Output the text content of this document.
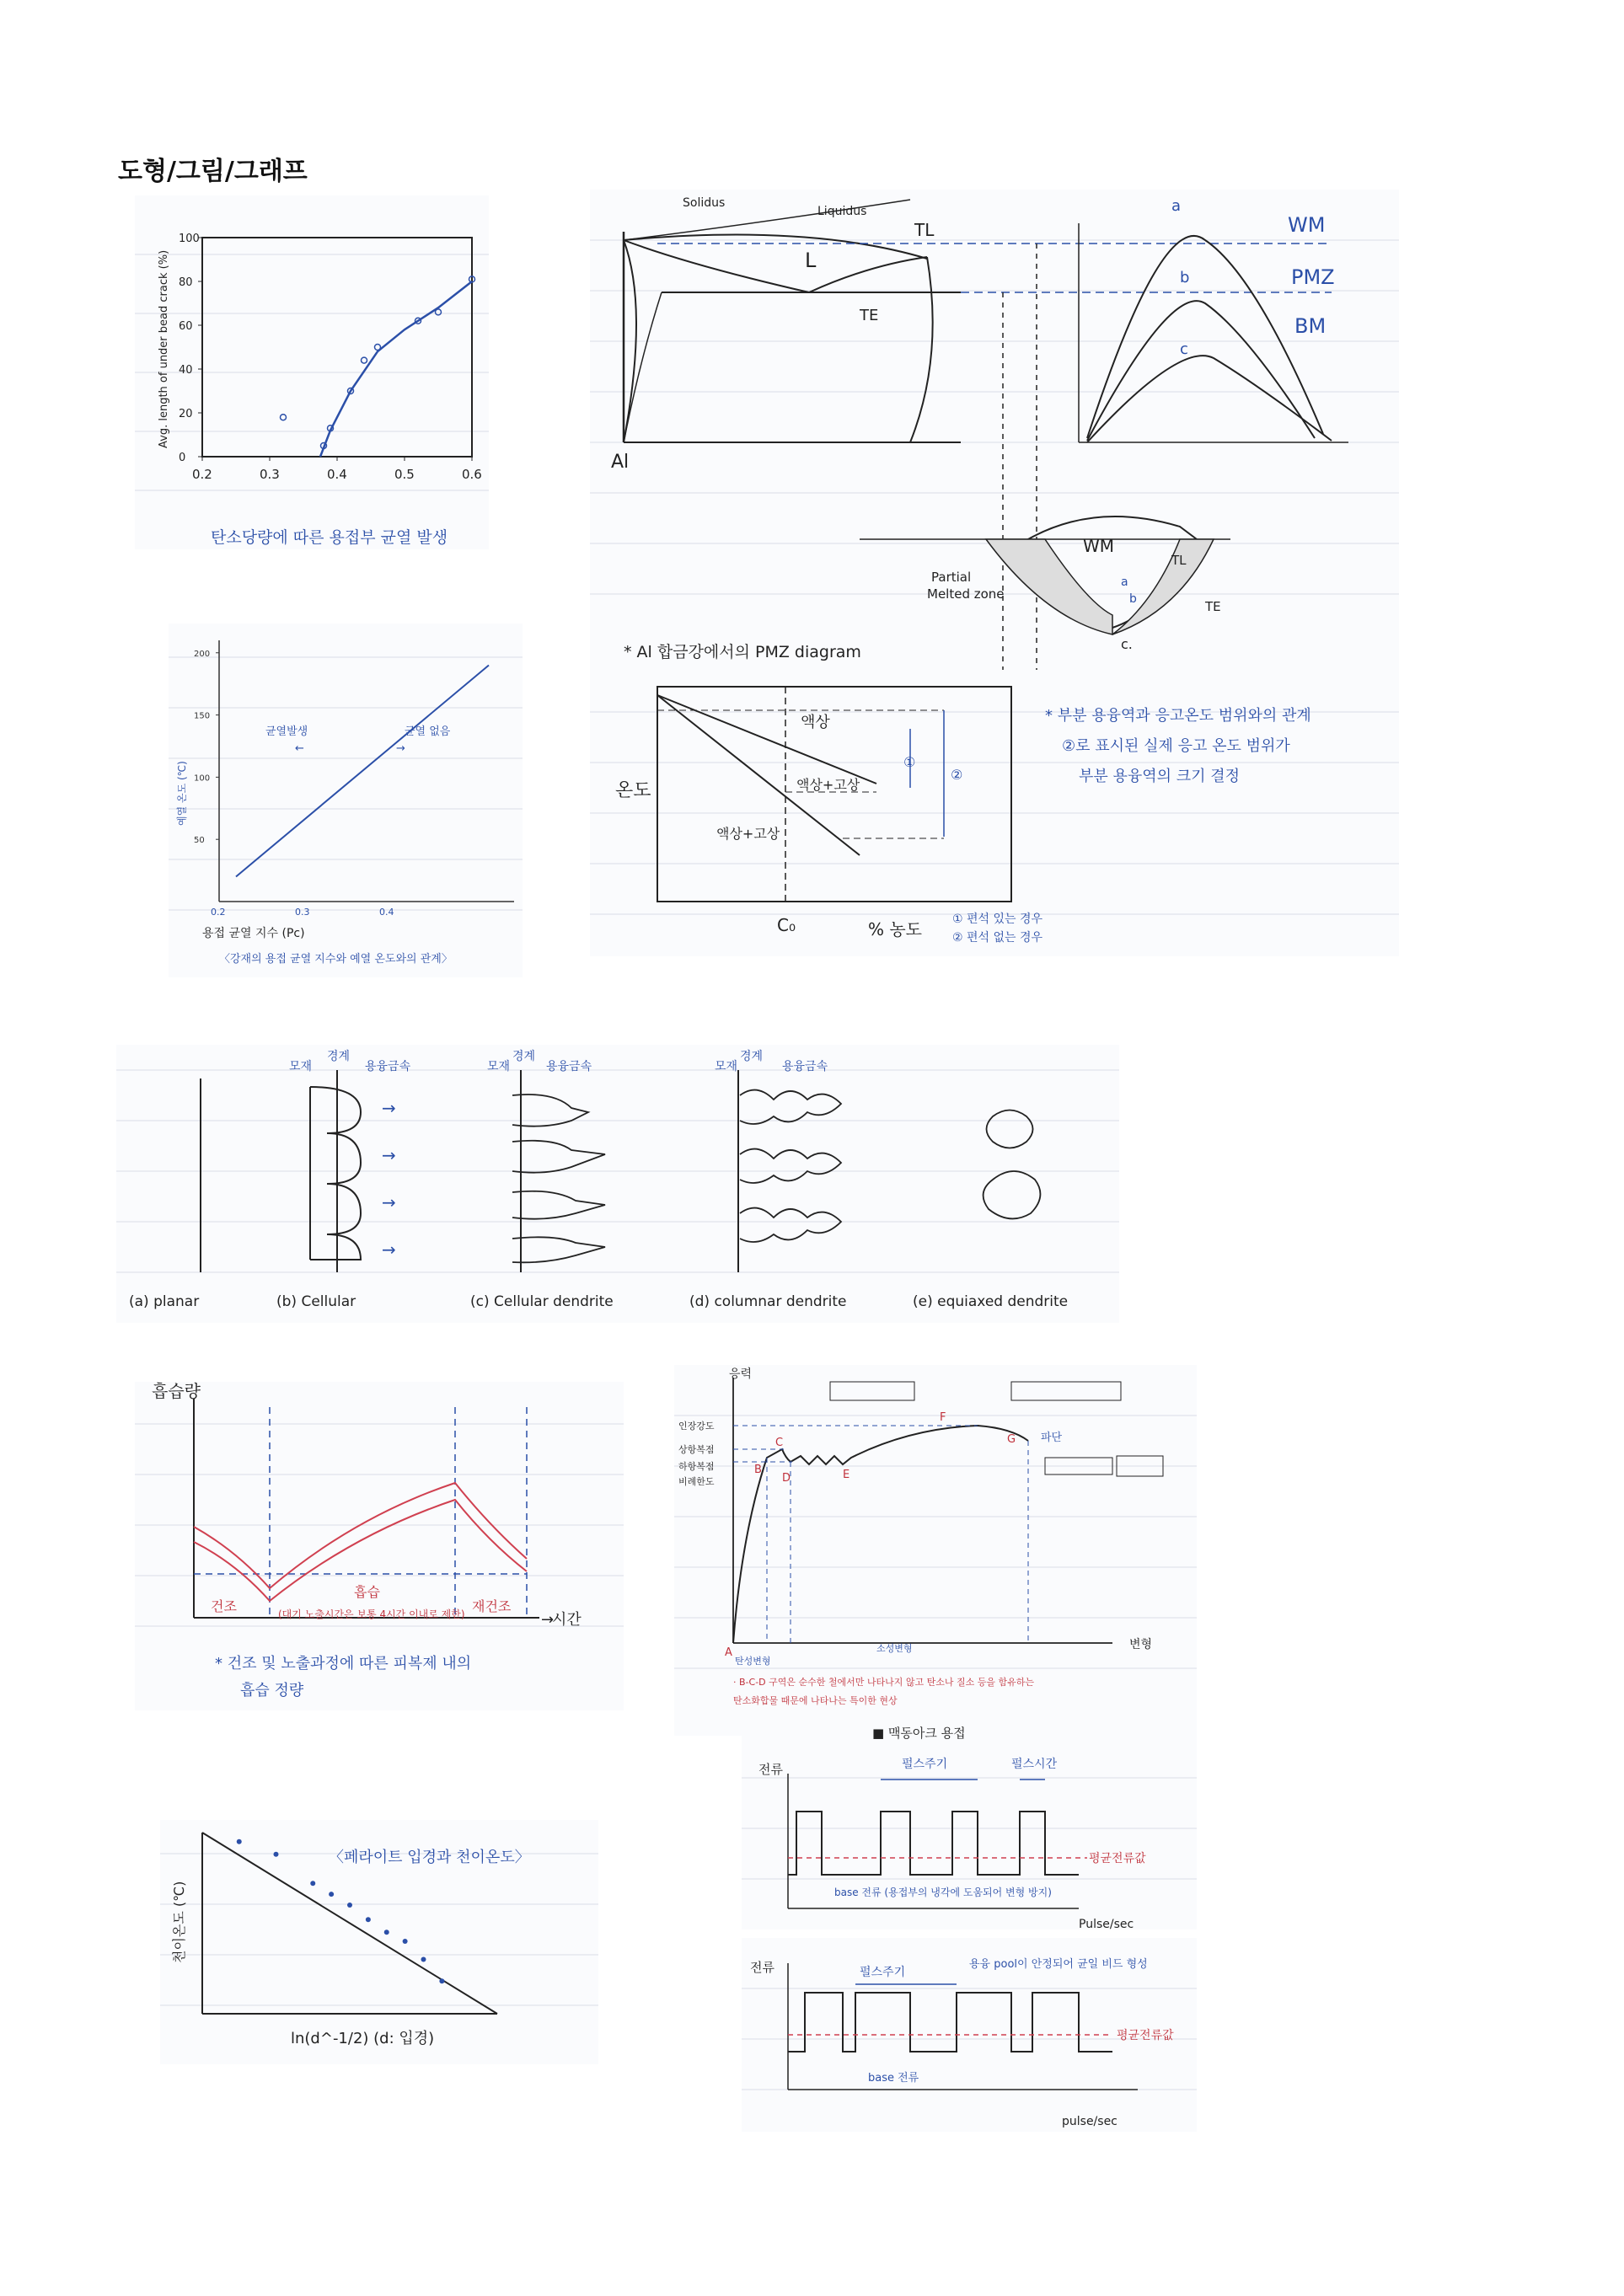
도형/그림/그래프
Avg. length of under bead crack (%)
0
20
40
60
80
100
0.2	0.3	0.4	0.5	0.6
탄소당량에 따른 용접부 균열 발생
50
100
150
200
0.2	0.3	0.4
예열 온도 (℃)
균열발생
←
균열 없음
→
용접 균열 지수 (Pc)
〈강재의 용접 균열 지수와 예열 온도와의 관계〉
Solidus
Liquidus
L
TL
TE
Al
a
b
c
WM
PMZ
BM
WM
TL
TE
a
b
c.
Partial
Melted zone
* Al 합금강에서의 PMZ diagram
온도
액상
액상+고상
액상+고상
①
②
C₀	% 농도	① 편석 있는 경우
② 편석 없는 경우
* 부분 용융역과 응고온도 범위와의 관계
②로 표시된 실제 응고 온도 범위가
부분 용융역의 크기 결정
→
→
→
→
모재
경계
용융금속	모재
경계
용융금속	모재
경계
용융금속
(a) planar	(b) Cellular	(c) Cellular dendrite	(d) columnar dendrite	(e) equiaxed dendrite
흡습량
시간
→
건조
흡습
(대기 노출시간은 보통 4시간 이내로 제한) 재건조
* 건조 및 노출과정에 따른 피복제 내의
흡습 정량
응력
변형
인장강도
상항복점
하항복점
비례한도
A
B
C
D	E
F
G 파단
탄성변형
소성변형
· B-C-D 구역은 순수한 철에서만 나타나지 않고 탄소나 질소 등을 함유하는
탄소화합물 때문에 나타나는 특이한 현상
천이온도 (℃)
〈페라이트 입경과 천이온도〉
ln(d^-1/2) (d: 입경)
전류
■ 맥동아크 용접
펄스주기	펄스시간
평균전류값
base 전류 (용접부의 냉각에 도움되어 변형 방지)
Pulse/sec
전류	펄스주기
용융 pool이 안정되어 균일 비드 형성
평균전류값
base 전류
pulse/sec
